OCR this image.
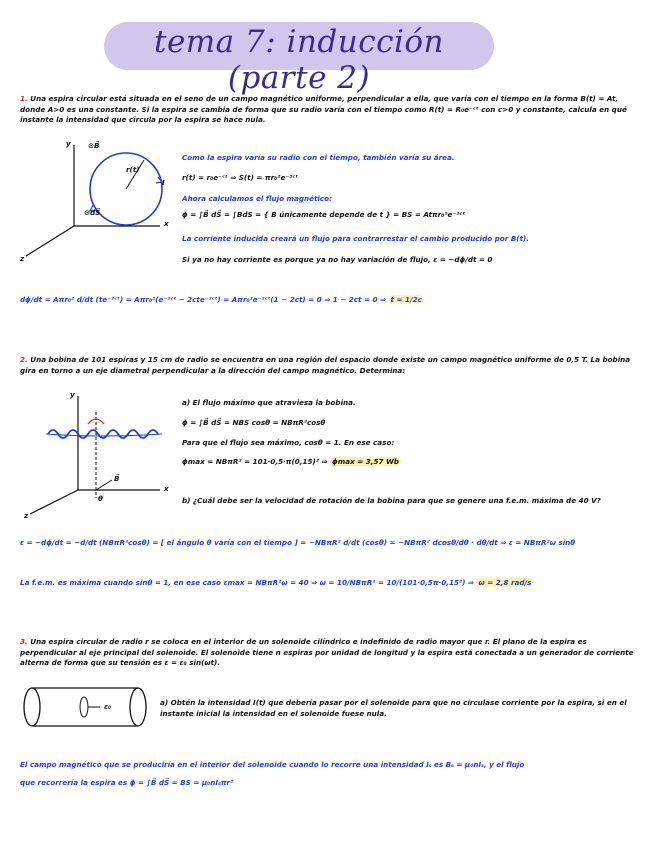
tema 7: inducción (parte 2)
1. Una espira circular está situada en el seno de un campo magnético uniforme, perpendicular a ella, que varía con el tiempo en la forma B(t) = At, donde A>0 es una constante. Si la espira se cambia de forma que su radio varía con el tiempo como R(t) = R₀e⁻ᶜᵗ con c>0 y constante, calcula en qué instante la intensidad que circula por la espira se hace nula.
y ⊙B⃗
⊙dS⃗
r(t)
I
x
z
Como la espira varía su radio con el tiempo, también varía su área.
r(t) = r₀e⁻ᶜᵗ ⇒ S(t) = πr₀²e⁻²ᶜᵗ
Ahora calculamos el flujo magnético:
ϕ = ∫B⃗ dS⃗ = ∫BdS = { B únicamente depende de t } = BS = Atπr₀²e⁻²ᶜᵗ
La corriente inducida creará un flujo para contrarrestar el cambio producido por B(t).
Si ya no hay corriente es porque ya no hay variación de flujo, ε = −dϕ/dt = 0
dϕ/dt = Aπr₀² d/dt (te⁻²ᶜᵗ) = Aπr₀²(e⁻²ᶜᵗ − 2cte⁻²ᶜᵗ) = Aπr₀²e⁻²ᶜᵗ(1 − 2ct) = 0 ⇒ 1 − 2ct = 0 ⇒ t = 1/2c
2. Una bobina de 101 espiras y 15 cm de radio se encuentra en una región del espacio donde existe un campo magnético uniforme de 0,5 T. La bobina gira en torno a un eje diametral perpendicular a la dirección del campo magnético. Determina:
y
B⃗
θ
x
z
a) El flujo máximo que atraviesa la bobina.
ϕ = ∫B⃗ dS⃗ = NBS cosθ = NBπR²cosθ
Para que el flujo sea máximo, cosθ = 1. En ese caso:
ϕmax = NBπR² = 101·0,5·π(0,15)² ⇒ ϕmax = 3,57 Wb
b) ¿Cuál debe ser la velocidad de rotación de la bobina para que se genere una f.e.m. máxima de 40 V?
ε = −dϕ/dt = −d/dt (NBπR²cosθ) = [ el ángulo θ varía con el tiempo ] = −NBπR² d/dt (cosθ) = −NBπR² dcosθ/dθ · dθ/dt ⇒ ε = NBπR²ω sinθ
La f.e.m. es máxima cuando sinθ = 1, en ese caso εmax = NBπR²ω = 40 ⇒ ω = 10/NBπR² = 10/(101·0,5π·0,15²) ⇒ ω = 2,8 rad/s
3. Una espira circular de radio r se coloca en el interior de un solenoide cilíndrico e indefinido de radio mayor que r. El plano de la espira es perpendicular al eje principal del solenoide. El solenoide tiene n espiras por unidad de longitud y la espira está conectada a un generador de corriente alterna de forma que su tensión es ε = ε₀ sin(ωt).
ε₀	a) Obtén la intensidad I(t) que debería pasar por el solenoide para que no circulase corriente por la espira, si en el instante inicial la intensidad en el solenoide fuese nula.
El campo magnético que se produciría en el interior del solenoide cuando lo recorre una intensidad Iₛ es Bₛ = μ₀nIₛ, y el flujo
que recorrería la espira es ϕ = ∫B⃗ dS⃗ = BS = μ₀nIₛπr²
